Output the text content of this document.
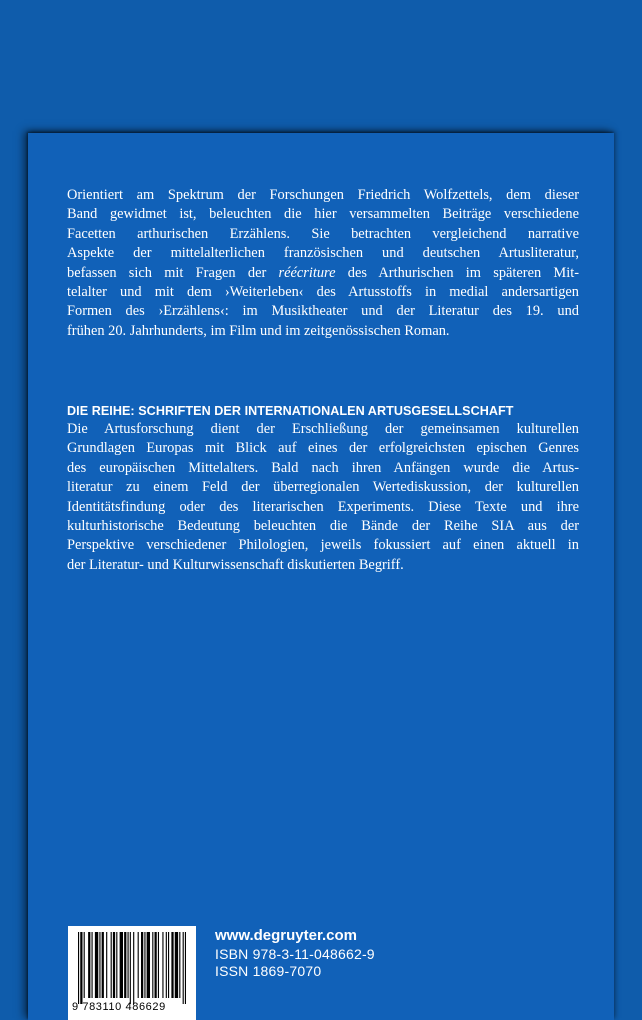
Orientiert am Spektrum der Forschungen Friedrich Wolfzettels, dem dieser
Band gewidmet ist, beleuchten die hier versammelten Beiträge verschiedene
Facetten arthurischen Erzählens. Sie betrachten vergleichend narrative
Aspekte der mittelalterlichen französischen und deutschen Artusliteratur,
befassen sich mit Fragen der réécriture des Arthurischen im späteren Mit-
telalter und mit dem ›Weiterleben‹ des Artusstoffs in medial andersartigen
Formen des ›Erzählens‹: im Musiktheater und der Literatur des 19. und
frühen 20. Jahrhunderts, im Film und im zeitgenössischen Roman.

DIE REIHE: SCHRIFTEN DER INTERNATIONALEN ARTUSGESELLSCHAFT
Die Artusforschung dient der Erschließung der gemeinsamen kulturellen
Grundlagen Europas mit Blick auf eines der erfolgreichsten epischen Genres
des europäischen Mittelalters. Bald nach ihren Anfängen wurde die Artus-
literatur zu einem Feld der überregionalen Wertediskussion, der kulturellen
Identitätsfindung oder des literarischen Experiments. Diese Texte und ihre
kulturhistorische Bedeutung beleuchten die Bände der Reihe SIA aus der
Perspektive verschiedener Philologien, jeweils fokussiert auf einen aktuell in
der Literatur- und Kulturwissenschaft diskutierten Begriff.
9 783110 486629
www.degruyter.com
ISBN 978-3-11-048662-9
ISSN 1869-7070
